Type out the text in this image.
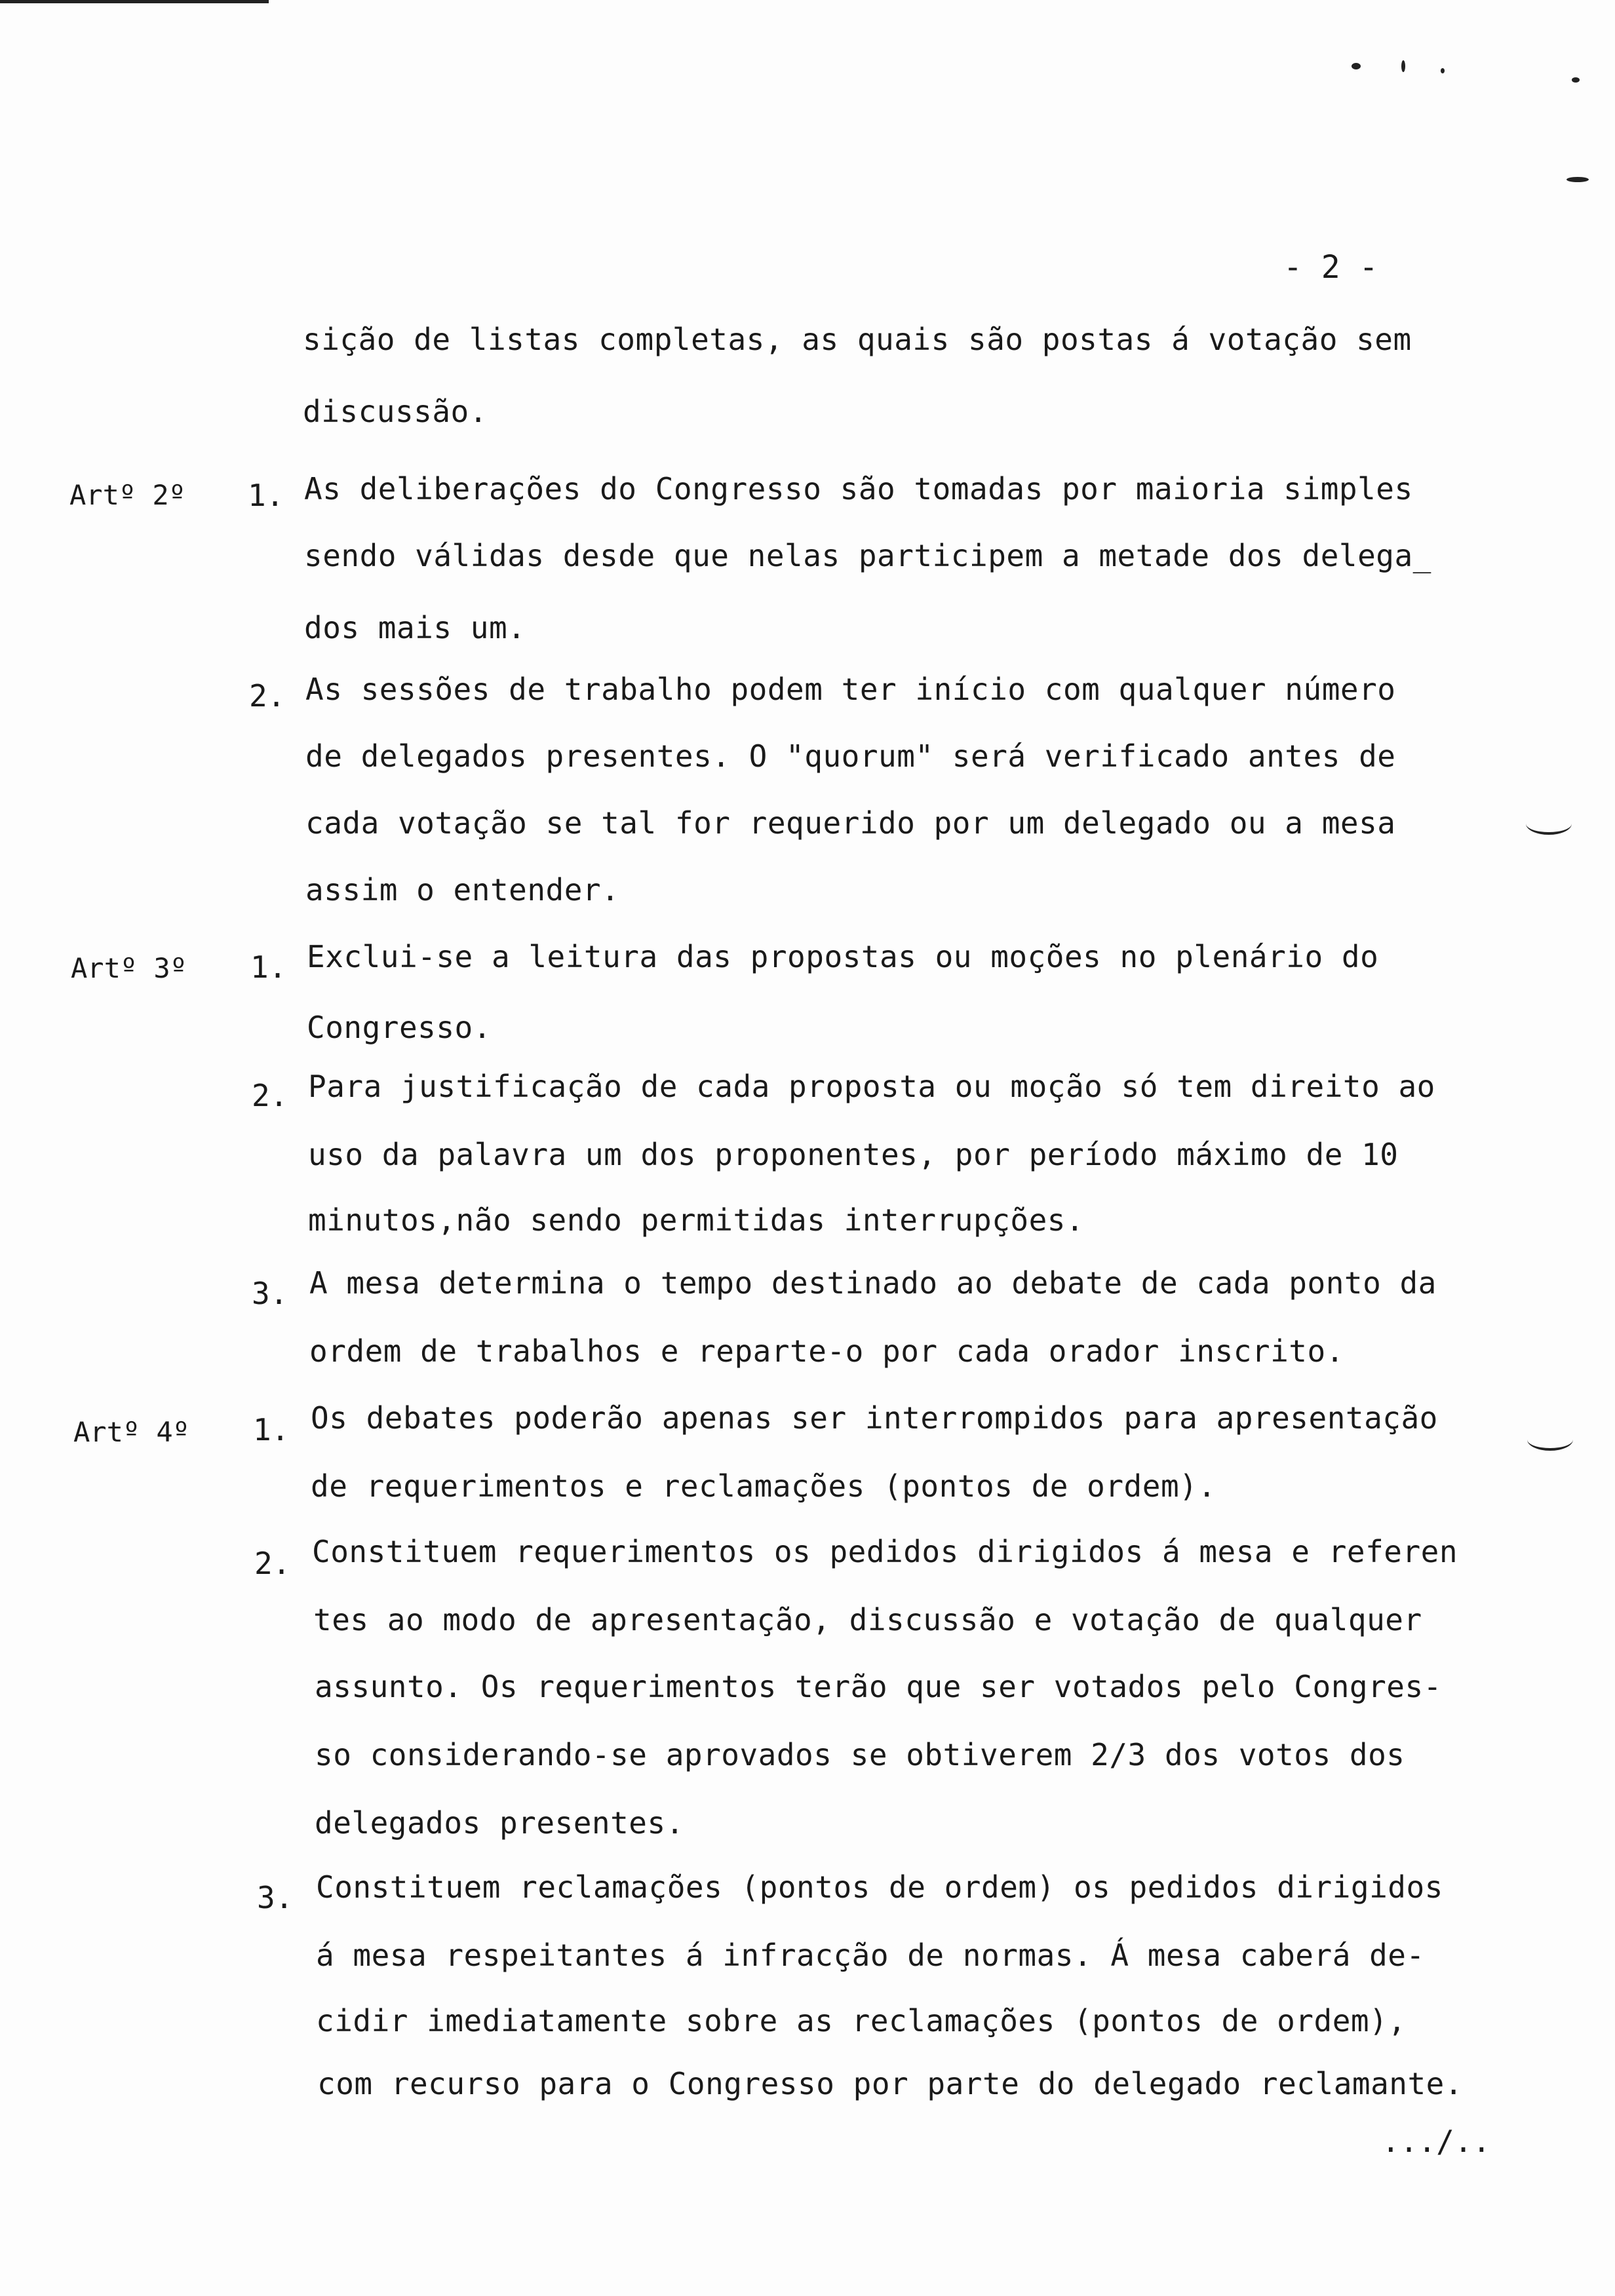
- 2 -
sição de listas completas, as quais são postas á votação sem
discussão.
Artº 2º 1. As deliberações do Congresso são tomadas por maioria simples
sendo válidas desde que nelas participem a metade dos delega_
dos mais um.
2. As sessões de trabalho podem ter início com qualquer número
de delegados presentes. O "quorum" será verificado antes de
cada votação se tal for requerido por um delegado ou a mesa
assim o entender.
Artº 3º 1. Exclui-se a leitura das propostas ou moções no plenário do
Congresso.
2. Para justificação de cada proposta ou moção só tem direito ao
uso da palavra um dos proponentes, por período máximo de 10
minutos,não sendo permitidas interrupções.
3. A mesa determina o tempo destinado ao debate de cada ponto da
ordem de trabalhos e reparte-o por cada orador inscrito.
Artº 4º 1. Os debates poderão apenas ser interrompidos para apresentação
de requerimentos e reclamações (pontos de ordem).
2. Constituem requerimentos os pedidos dirigidos á mesa e referen
tes ao modo de apresentação, discussão e votação de qualquer
assunto. Os requerimentos terão que ser votados pelo Congres-
so considerando-se aprovados se obtiverem 2/3 dos votos dos
delegados presentes.
3. Constituem reclamações (pontos de ordem) os pedidos dirigidos
á mesa respeitantes á infracção de normas. Á mesa caberá de-
cidir imediatamente sobre as reclamações (pontos de ordem),
com recurso para o Congresso por parte do delegado reclamante.
.../..
